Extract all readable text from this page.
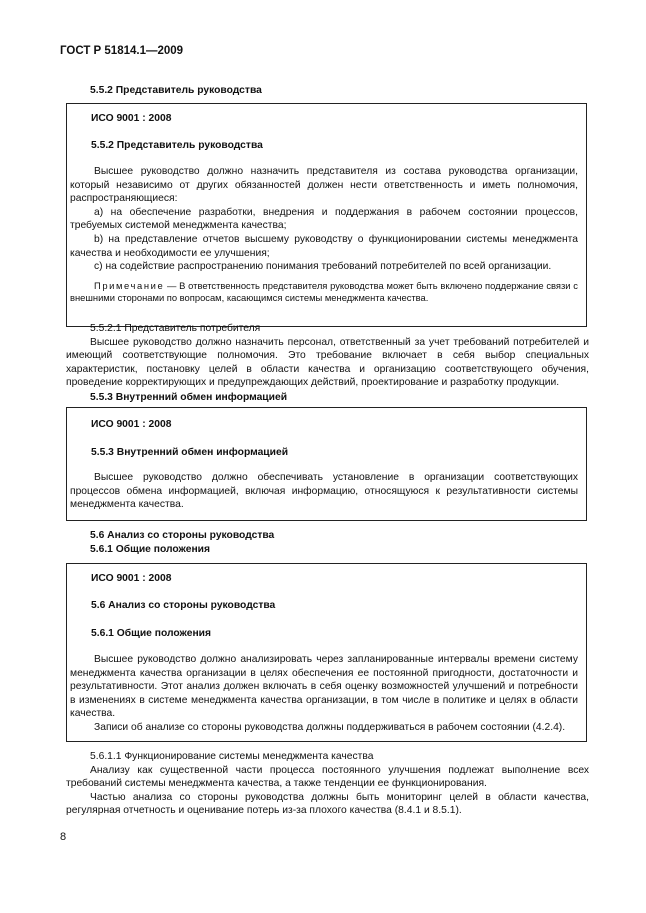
ГОСТ Р 51814.1—2009
5.5.2 Представитель руководства
ИСО 9001 : 2008
5.5.2 Представитель руководства

Высшее руководство должно назначить представителя из состава руководства организации, который независимо от других обязанностей должен нести ответственность и иметь полномочия, распространяющиеся:

а) на обеспечение разработки, внедрения и поддержания в рабочем состоянии процессов, требуемых системой менеджмента качества;

b) на представление отчетов высшему руководству о функционировании системы менеджмента качества и необходимости ее улучшения;

c) на содействие распространению понимания требований потребителей по всей организации.

Примечание — В ответственность представителя руководства может быть включено поддержание связи с внешними сторонами по вопросам, касающимся системы менеджмента качества.

5.5.2.1 Представитель потребителя

Высшее руководство должно назначить персонал, ответственный за учет требований потребителей и имеющий соответствующие полномочия. Это требование включает в себя выбор специальных характеристик, постановку целей в области качества и организацию соответствующего обучения, проведение корректирующих и предупреждающих действий, проектирование и разработку продукции.

5.5.3 Внутренний обмен информацией
ИСО 9001 : 2008
5.5.3 Внутренний обмен информацией

Высшее руководство должно обеспечивать установление в организации соответствующих процессов обмена информацией, включая информацию, относящуюся к результативности системы менеджмента качества.

5.6 Анализ со стороны руководства
5.6.1 Общие положения
ИСО 9001 : 2008
5.6 Анализ со стороны руководства
5.6.1 Общие положения

Высшее руководство должно анализировать через запланированные интервалы времени систему менеджмента качества организации в целях обеспечения ее постоянной пригодности, достаточности и результативности. Этот анализ должен включать в себя оценку возможностей улучшений и потребности в изменениях в системе менеджмента качества организации, в том числе в политике и целях в области качества.

Записи об анализе со стороны руководства должны поддерживаться в рабочем состоянии (4.2.4).

5.6.1.1 Функционирование системы менеджмента качества

Анализу как существенной части процесса постоянного улучшения подлежат выполнение всех требований системы менеджмента качества, а также тенденции ее функционирования.

Частью анализа со стороны руководства должны быть мониторинг целей в области качества, регулярная отчетность и оценивание потерь из-за плохого качества (8.4.1 и 8.5.1).

8
